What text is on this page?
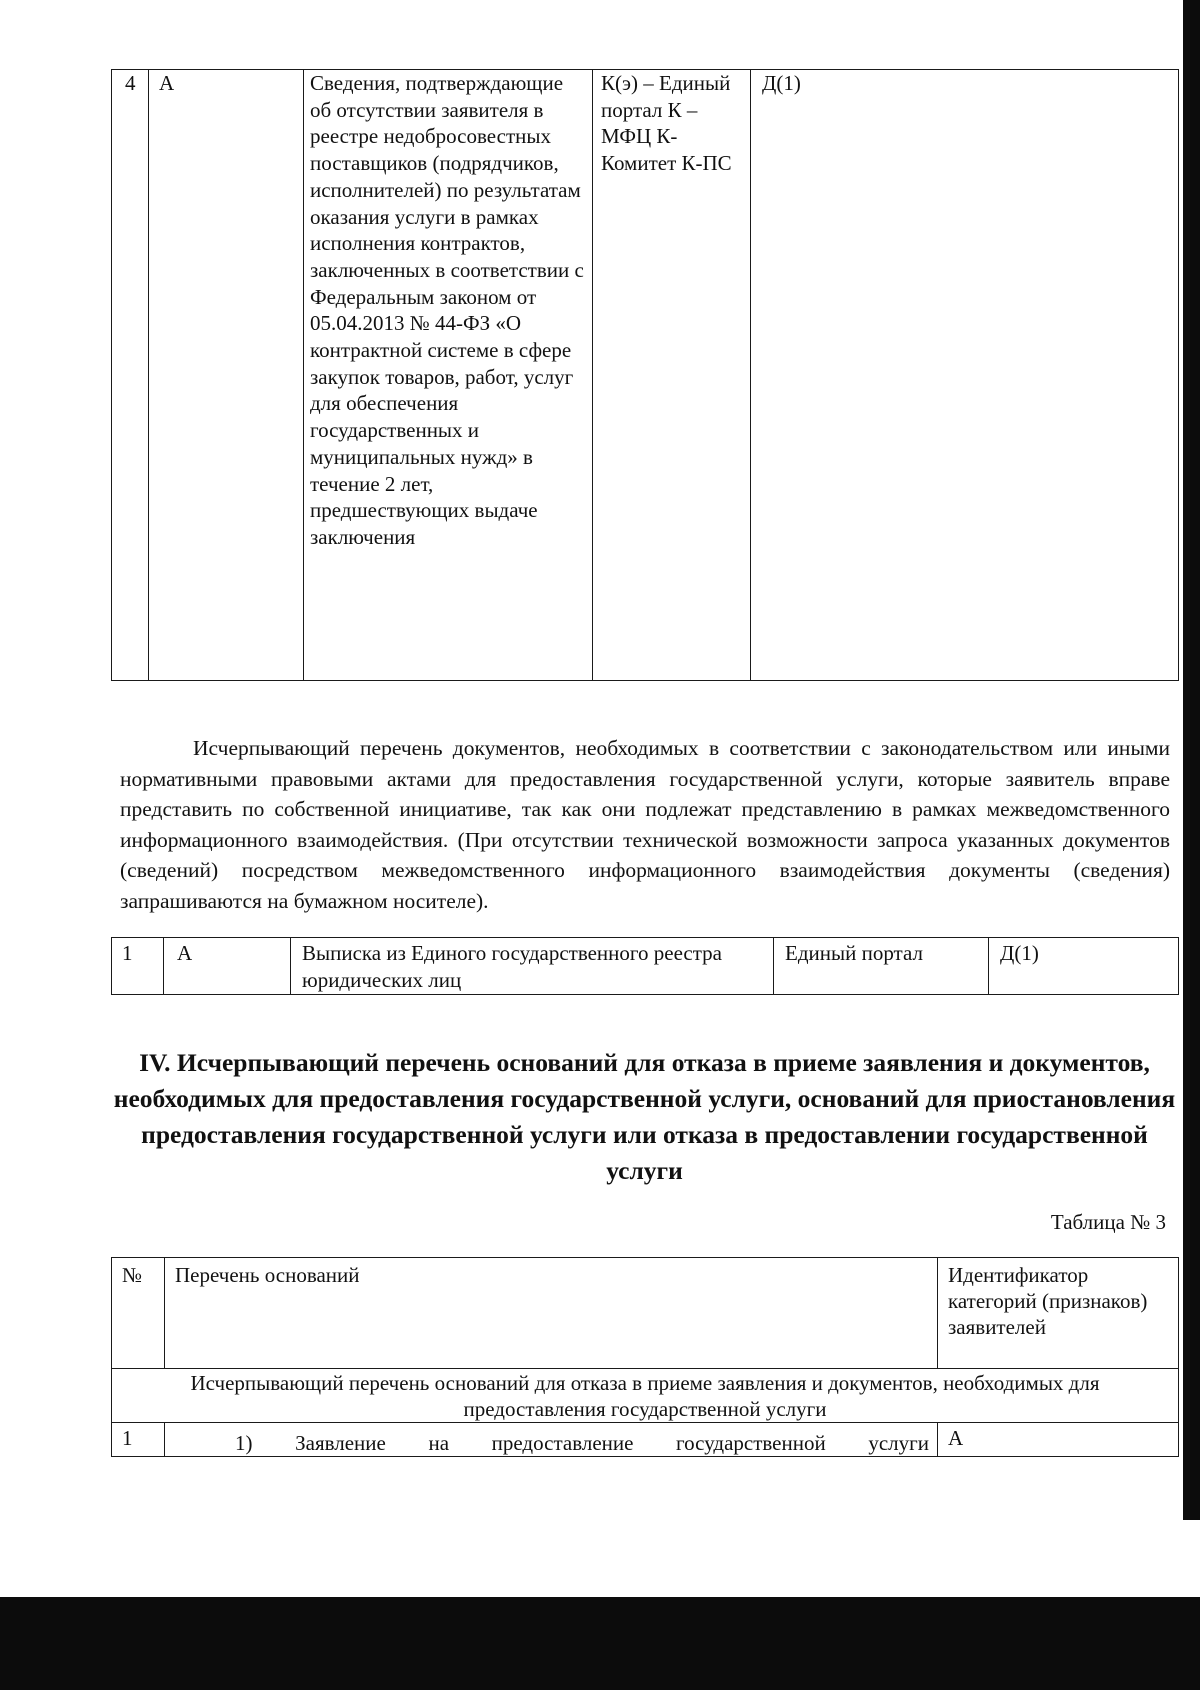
4	А	Сведения, подтверждающие об отсутствии заявителя в реестре недобросовестных поставщиков (подрядчиков, исполнителей) по результатам оказания услуги в рамках исполнения контрактов, заключенных в соответствии с Федеральным законом от 05.04.2013 № 44-ФЗ «О контрактной системе в сфере закупок товаров, работ, услуг для обеспечения государственных и муниципальных нужд» в течение 2 лет, предшествующих выдаче заключения	К(э) – Единый портал К – МФЦ К- Комитет К-ПС	Д(1)

Исчерпывающий перечень документов, необходимых в соответствии с законодательством или иными нормативными правовыми актами для предоставления государственной услуги, которые заявитель вправе представить по собственной инициативе, так как они подлежат представлению в рамках межведомственного информационного взаимодействия. (При отсутствии технической возможности запроса указанных документов (сведений) посредством межведомственного информационного взаимодействия документы (сведения) запрашиваются на бумажном носителе).

1	А	Выписка из Единого государственного реестра юридических лиц	Единый портал	Д(1)
IV. Исчерпывающий перечень оснований для отказа в приеме заявления и документов, необходимых для предоставления государственной услуги, оснований для приостановления предоставления государственной услуги или отказа в предоставлении государственной услуги

Таблица № 3

№	Перечень оснований	Идентификатор категорий (признаков) заявителей
Исчерпывающий перечень оснований для отказа в приеме заявления и документов, необходимых для предоставления государственной услуги		
1	1) Заявление на предоставление государственной услуги	А
